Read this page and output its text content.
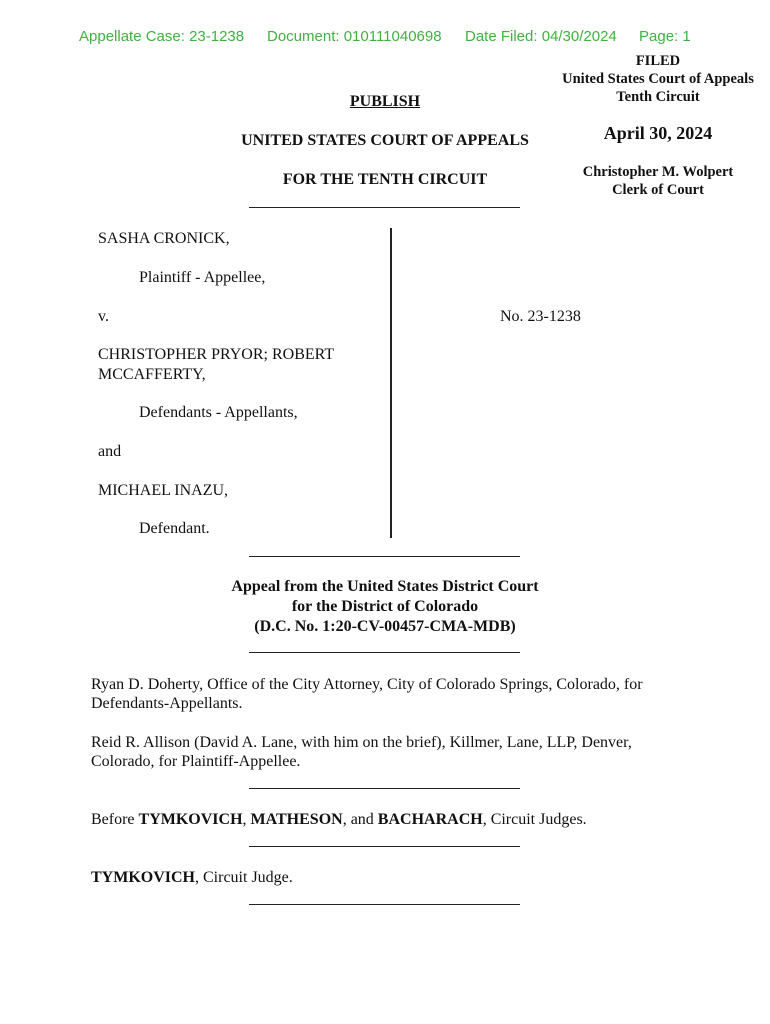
Appellate Case: 23-1238 Document: 010111040698 Date Filed: 04/30/2024 Page: 1
FILED
United States Court of Appeals
Tenth Circuit
April 30, 2024
Christopher M. Wolpert
Clerk of Court
PUBLISH
UNITED STATES COURT OF APPEALS
FOR THE TENTH CIRCUIT
SASHA CRONICK,
Plaintiff - Appellee,
v.
CHRISTOPHER PRYOR; ROBERT
MCCAFFERTY,
Defendants - Appellants,
and
MICHAEL INAZU,
Defendant.
No. 23-1238
Appeal from the United States District Court
for the District of Colorado
(D.C. No. 1:20-CV-00457-CMA-MDB)
Ryan D. Doherty, Office of the City Attorney, City of Colorado Springs, Colorado, for
Defendants-Appellants.
Reid R. Allison (David A. Lane, with him on the brief), Killmer, Lane, LLP, Denver,
Colorado, for Plaintiff-Appellee.
Before TYMKOVICH, MATHESON, and BACHARACH, Circuit Judges.
TYMKOVICH, Circuit Judge.
